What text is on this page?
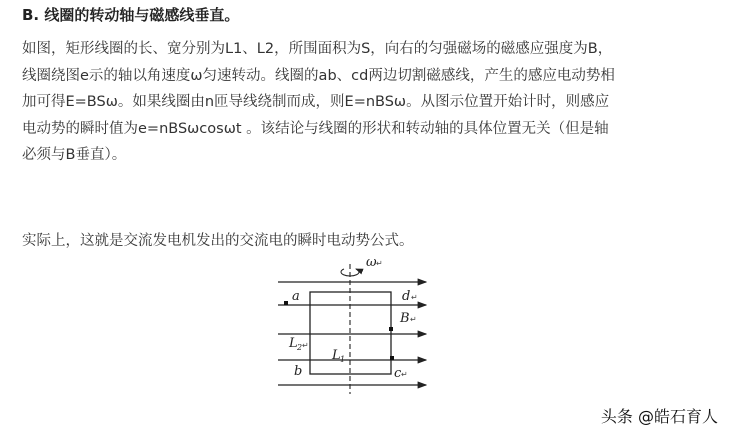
B. 线圈的转动轴与磁感线垂直。
如图，矩形线圈的长、宽分别为L1、L2，所围面积为S，向右的匀强磁场的磁感应强度为B，
线圈绕图e示的轴以角速度ω匀速转动。线圈的ab、cd两边切割磁感线，产生的感应电动势相
加可得E=BSω。如果线圈由n匝导线绕制而成，则E=nBSω。从图示位置开始计时，则感应
电动势的瞬时值为e=nBSωcosωt 。该结论与线圈的形状和转动轴的具体位置无关（但是轴
必须与B垂直）。
实际上，这就是交流发电机发出的交流电的瞬时电动势公式。
ω ↵
a	d ↵
B ↵
L 2 ↵
L 1
b	c ↵
头条 @皓石育人
